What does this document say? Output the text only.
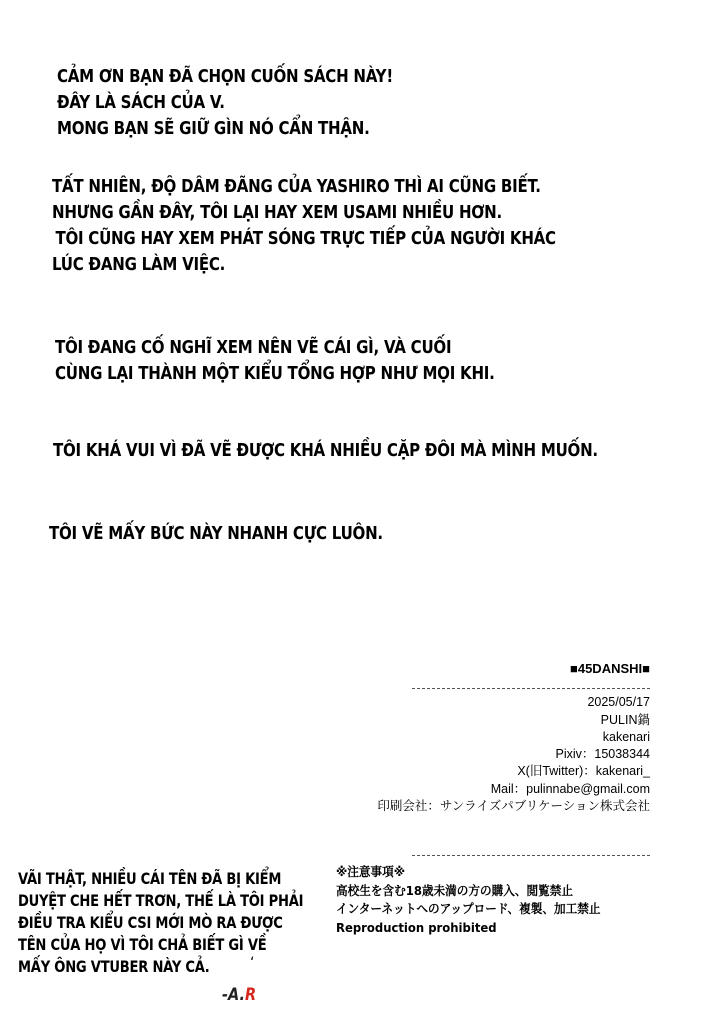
CẢM ƠN BẠN ĐÃ CHỌN CUỐN SÁCH NÀY!
ĐÂY LÀ SÁCH CỦA V.
MONG BẠN SẼ GIỮ GÌN NÓ CẨN THẬN.
TẤT NHIÊN, ĐỘ DÂM ĐÃNG CỦA YASHIRO THÌ AI CŨNG BIẾT.
NHƯNG GẦN ĐÂY, TÔI LẠI HAY XEM USAMI NHIỀU HƠN.
TÔI CŨNG HAY XEM PHÁT SÓNG TRỰC TIẾP CỦA NGƯỜI KHÁC
LÚC ĐANG LÀM VIỆC.
TÔI ĐANG CỐ NGHĨ XEM NÊN VẼ CÁI GÌ, VÀ CUỐI
CÙNG LẠI THÀNH MỘT KIỂU TỔNG HỢP NHƯ MỌI KHI.
TÔI KHÁ VUI VÌ ĐÃ VẼ ĐƯỢC KHÁ NHIỀU CẶP ĐÔI MÀ MÌNH MUỐN.
TÔI VẼ MẤY BỨC NÀY NHANH CỰC LUÔN.
■45DANSHI■
2025/05/17
PULIN鍋
kakenari
Pixiv：15038344
X(旧Twitter)：kakenari_
Mail：pulinnabe@gmail.com
印刷会社：サンライズパブリケーション株式会社
※注意事項※
高校生を含む18歳未満の方の購入、閲覧禁止
インターネットへのアップロード、複製、加工禁止
Reproduction prohibited
VÃI THẬT, NHIỀU CÁI TÊN ĐÃ BỊ KIỂM
DUYỆT CHE HẾT TRƠN, THẾ LÀ TÔI PHẢI
ĐIỀU TRA KIỂU CSI MỚI MÒ RA ĐƯỢC
TÊN CỦA HỌ VÌ TÔI CHẢ BIẾT GÌ VỀ
MẤY ÔNG VTUBER NÀY CẢ.	‘
-A.R
